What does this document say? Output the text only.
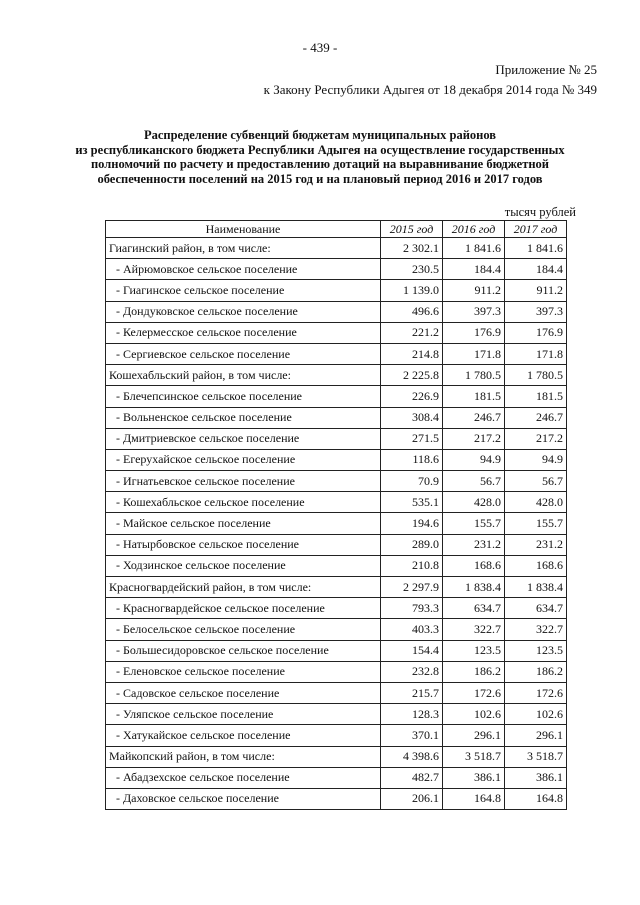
- 439 -
Приложение № 25
к Закону Республики Адыгея от 18 декабря 2014 года № 349
Распределение субвенций бюджетам муниципальных районов
из республиканского бюджета Республики Адыгея на осуществление государственных
полномочий по расчету и предоставлению дотаций на выравнивание бюджетной
обеспеченности поселений на 2015 год и на плановый период 2016 и 2017 годов
тысяч рублей
Наименование	2015 год	2016 год	2017 год
Гиагинский район, в том числе:	2 302.1	1 841.6	1 841.6
- Айрюмовское сельское поселение	230.5	184.4	184.4
- Гиагинское сельское поселение	1 139.0	911.2	911.2
- Дондуковское сельское поселение	496.6	397.3	397.3
- Келермесское сельское поселение	221.2	176.9	176.9
- Сергиевское сельское поселение	214.8	171.8	171.8
Кошехабльский район, в том числе:	2 225.8	1 780.5	1 780.5
- Блечепсинское сельское поселение	226.9	181.5	181.5
- Вольненское сельское поселение	308.4	246.7	246.7
- Дмитриевское сельское поселение	271.5	217.2	217.2
- Егерухайское сельское поселение	118.6	94.9	94.9
- Игнатьевское сельское поселение	70.9	56.7	56.7
- Кошехабльское сельское поселение	535.1	428.0	428.0
- Майское сельское поселение	194.6	155.7	155.7
- Натырбовское сельское поселение	289.0	231.2	231.2
- Ходзинское сельское поселение	210.8	168.6	168.6
Красногвардейский район, в том числе:	2 297.9	1 838.4	1 838.4
- Красногвардейское сельское поселение	793.3	634.7	634.7
- Белосельское сельское поселение	403.3	322.7	322.7
- Большесидоровское сельское поселение	154.4	123.5	123.5
- Еленовское сельское поселение	232.8	186.2	186.2
- Садовское сельское поселение	215.7	172.6	172.6
- Уляпское сельское поселение	128.3	102.6	102.6
- Хатукайское сельское поселение	370.1	296.1	296.1
Майкопский район, в том числе:	4 398.6	3 518.7	3 518.7
- Абадзехское сельское поселение	482.7	386.1	386.1
- Даховское сельское поселение	206.1	164.8	164.8
